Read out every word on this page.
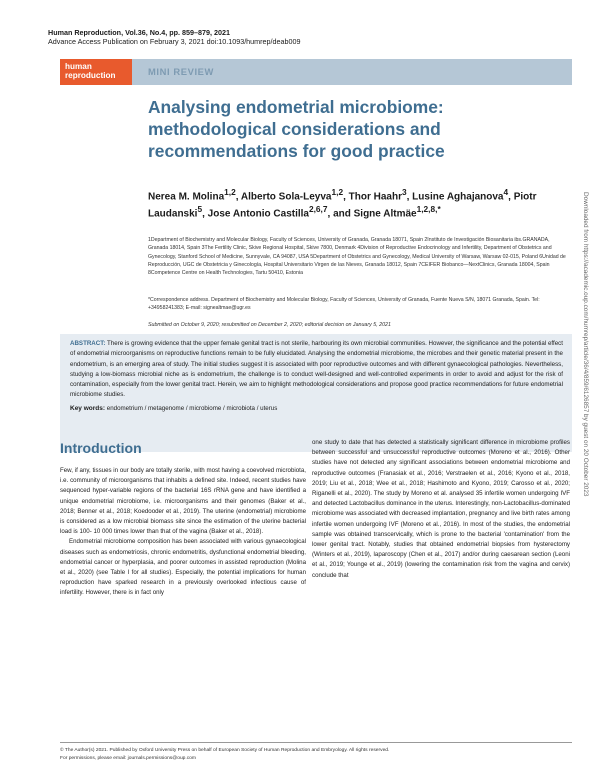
Human Reproduction, Vol.36, No.4, pp. 859–879, 2021
Advance Access Publication on February 3, 2021 doi:10.1093/humrep/deab009
human
reproduction	MINI REVIEW
Analysing endometrial microbiome: methodological considerations and recommendations for good practice
Nerea M. Molina$^{1,2}$, Alberto Sola-Leyva$^{1,2}$, Thor Haahr$^3$, Lusine Aghajanova$^4$, Piotr Laudanski$^5$, Jose Antonio Castilla$^{2,6,7}$, and Signe Altmäe$^{1,2,8,*}$
1Department of Biochemistry and Molecular Biology, Faculty of Sciences, University of Granada, Granada 18071, Spain 2Instituto de Investigación Biosanitaria ibs.GRANADA, Granada 18014, Spain 3The Fertility Clinic, Skive Regional Hospital, Skive 7800, Denmark 4Division of Reproductive Endocrinology and Infertility, Department of Obstetrics and Gynecology, Stanford School of Medicine, Sunnyvale, CA 94087, USA 5Department of Obstetrics and Gynecology, Medical University of Warsaw, Warsaw 02-015, Poland 6Unidad de Reproducción, UGC de Obstetricia y Ginecología, Hospital Universitario Virgen de las Nieves, Granada 18012, Spain 7CEIFER Biobanco—NextClinics, Granada 18004, Spain 8Competence Centre on Health Technologies, Tartu 50410, Estonia
*Correspondence address. Department of Biochemistry and Molecular Biology, Faculty of Sciences, University of Granada, Fuente Nueva S/N, 18071 Granada, Spain. Tel: +34958241383; E-mail: signealtmae@ugr.es
Submitted on October 9, 2020; resubmitted on December 2, 2020; editorial decision on January 5, 2021
ABSTRACT: There is growing evidence that the upper female genital tract is not sterile, harbouring its own microbial communities. However, the significance and the potential effect of endometrial microorganisms on reproductive functions remain to be fully elucidated. Analysing the endometrial microbiome, the microbes and their genetic material present in the endometrium, is an emerging area of study. The initial studies suggest it is associated with poor reproductive outcomes and with different gynaecological pathologies. Nevertheless, studying a low-biomass microbial niche as is endometrium, the challenge is to conduct well-designed and well-controlled experiments in order to avoid and adjust for the risk of contamination, especially from the lower genital tract. Herein, we aim to highlight methodological considerations and propose good practice recommendations for future endometrial microbiome studies.
Key words: endometrium / metagenome / microbiome / microbiota / uterus	Downloaded from https://academic.oup.com/humrep/article/36/4/859/6126857 by guest on 20 October 2023
Introduction

Few, if any, tissues in our body are totally sterile, with most having a coevolved microbiota, i.e. community of microorganisms that inhabits a defined site. Indeed, recent studies have sequenced hyper-variable regions of the bacterial 16S rRNA gene and have identified a unique endometrial microbiome, i.e. microorganisms and their genomes (Baker et al., 2018; Benner et al., 2018; Koedooder et al., 2019). The uterine (endometrial) microbiome is considered as a low microbial biomass site since the estimation of the uterine bacterial load is 100- 10 000 times lower than that of the vagina (Baker et al., 2018).

Endometrial microbiome composition has been associated with various gynaecological diseases such as endometriosis, chronic endometritis, dysfunctional endometrial bleeding, endometrial cancer or hyperplasia, and poorer outcomes in assisted reproduction (Molina et al., 2020) (see Table I for all studies). Especially, the potential implications for human reproduction have sparked research in a previously overlooked infectious cause of infertility. However, there is in fact only

one study to date that has detected a statistically significant difference in microbiome profiles between successful and unsuccessful reproductive outcomes (Moreno et al., 2016). Other studies have not detected any significant associations between endometrial microbiome and reproductive outcomes (Franasiak et al., 2016; Verstraelen et al., 2016; Kyono et al., 2018, 2019; Liu et al., 2018; Wee et al., 2018; Hashimoto and Kyono, 2019; Carosso et al., 2020; Riganelli et al., 2020). The study by Moreno et al. analysed 35 infertile women undergoing IVF and detected Lactobacillus dominance in the uterus. Interestingly, non-Lactobacillus-dominated microbiome was associated with decreased implantation, pregnancy and live birth rates among infertile women undergoing IVF (Moreno et al., 2016). In most of the studies, the endometrial sample was obtained transcervically, which is prone to the bacterial 'contamination' from the lower genital tract. Notably, studies that obtained endometrial biopsies from hysterectomy (Winters et al., 2019), laparoscopy (Chen et al., 2017) and/or during caesarean section (Leoni et al., 2019; Younge et al., 2019) (lowering the contamination risk from the vagina and cervix) conclude that

© The Author(s) 2021. Published by Oxford University Press on behalf of European Society of Human Reproduction and Embryology. All rights reserved.
For permissions, please email: journals.permissions@oup.com
